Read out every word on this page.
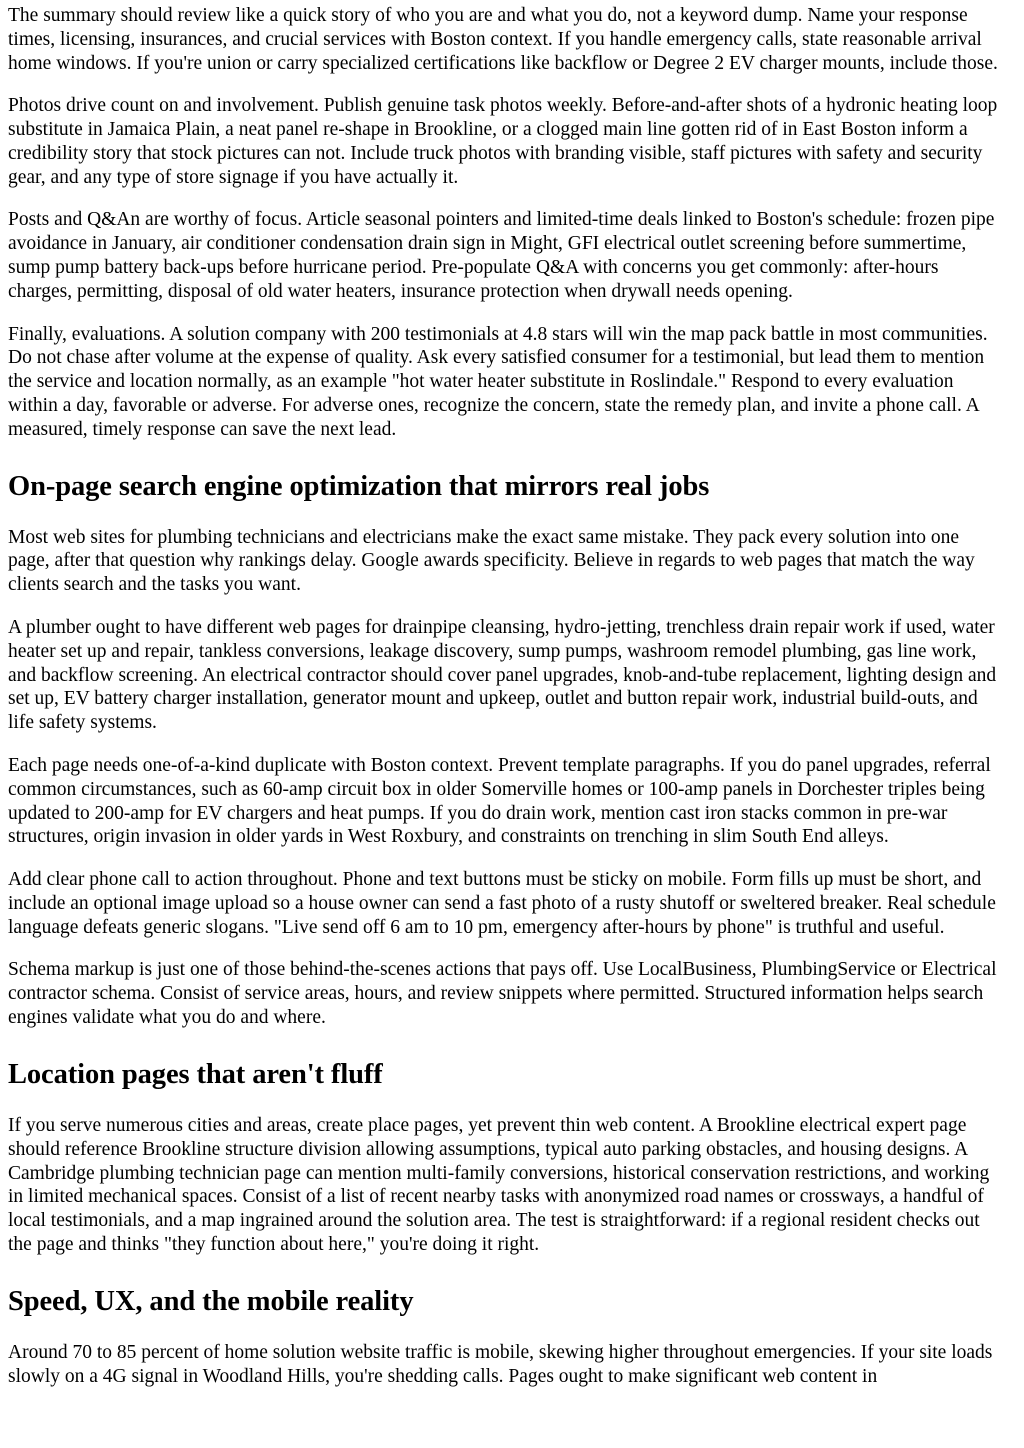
The summary should review like a quick story of who you are and what you do, not a keyword dump. Name your response times, licensing, insurances, and crucial services with Boston context. If you handle emergency calls, state reasonable arrival home windows. If you're union or carry specialized certifications like backflow or Degree 2 EV charger mounts, include those.

Photos drive count on and involvement. Publish genuine task photos weekly. Before-and-after shots of a hydronic heating loop substitute in Jamaica Plain, a neat panel re-shape in Brookline, or a clogged main line gotten rid of in East Boston inform a credibility story that stock pictures can not. Include truck photos with branding visible, staff pictures with safety and security gear, and any type of store signage if you have actually it.

Posts and Q&An are worthy of focus. Article seasonal pointers and limited-time deals linked to Boston's schedule: frozen pipe avoidance in January, air conditioner condensation drain sign in Might, GFI electrical outlet screening before summertime, sump pump battery back-ups before hurricane period. Pre-populate Q&A with concerns you get commonly: after-hours charges, permitting, disposal of old water heaters, insurance protection when drywall needs opening.

Finally, evaluations. A solution company with 200 testimonials at 4.8 stars will win the map pack battle in most communities. Do not chase after volume at the expense of quality. Ask every satisfied consumer for a testimonial, but lead them to mention the service and location normally, as an example "hot water heater substitute in Roslindale." Respond to every evaluation within a day, favorable or adverse. For adverse ones, recognize the concern, state the remedy plan, and invite a phone call. A measured, timely response can save the next lead.

On-page search engine optimization that mirrors real jobs

Most web sites for plumbing technicians and electricians make the exact same mistake. They pack every solution into one page, after that question why rankings delay. Google awards specificity. Believe in regards to web pages that match the way clients search and the tasks you want.

A plumber ought to have different web pages for drainpipe cleansing, hydro-jetting, trenchless drain repair work if used, water heater set up and repair, tankless conversions, leakage discovery, sump pumps, washroom remodel plumbing, gas line work, and backflow screening. An electrical contractor should cover panel upgrades, knob-and-tube replacement, lighting design and set up, EV battery charger installation, generator mount and upkeep, outlet and button repair work, industrial build-outs, and life safety systems.

Each page needs one-of-a-kind duplicate with Boston context. Prevent template paragraphs. If you do panel upgrades, referral common circumstances, such as 60-amp circuit box in older Somerville homes or 100-amp panels in Dorchester triples being updated to 200-amp for EV chargers and heat pumps. If you do drain work, mention cast iron stacks common in pre-war structures, origin invasion in older yards in West Roxbury, and constraints on trenching in slim South End alleys.

Add clear phone call to action throughout. Phone and text buttons must be sticky on mobile. Form fills up must be short, and include an optional image upload so a house owner can send a fast photo of a rusty shutoff or sweltered breaker. Real schedule language defeats generic slogans. "Live send off 6 am to 10 pm, emergency after-hours by phone" is truthful and useful.

Schema markup is just one of those behind-the-scenes actions that pays off. Use LocalBusiness, PlumbingService or Electrical contractor schema. Consist of service areas, hours, and review snippets where permitted. Structured information helps search engines validate what you do and where.

Location pages that aren't fluff

If you serve numerous cities and areas, create place pages, yet prevent thin web content. A Brookline electrical expert page should reference Brookline structure division allowing assumptions, typical auto parking obstacles, and housing designs. A Cambridge plumbing technician page can mention multi-family conversions, historical conservation restrictions, and working in limited mechanical spaces. Consist of a list of recent nearby tasks with anonymized road names or crossways, a handful of local testimonials, and a map ingrained around the solution area. The test is straightforward: if a regional resident checks out the page and thinks "they function about here," you're doing it right.

Speed, UX, and the mobile reality

Around 70 to 85 percent of home solution website traffic is mobile, skewing higher throughout emergencies. If your site loads slowly on a 4G signal in Woodland Hills, you're shedding calls. Pages ought to make significant web content in
